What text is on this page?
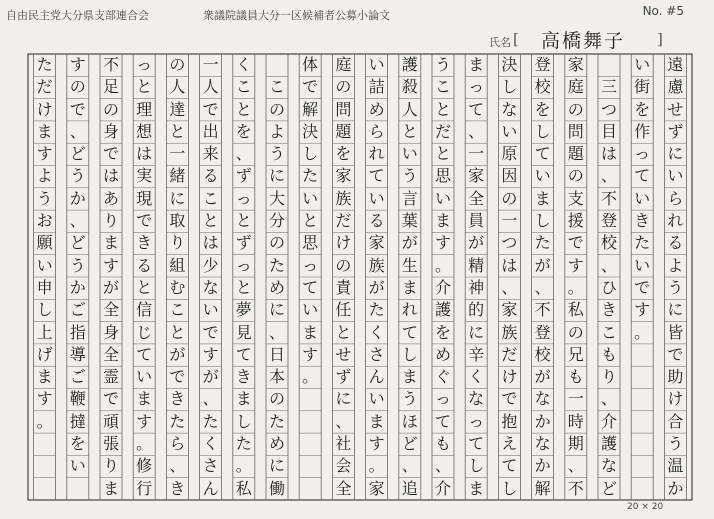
自由民主党大分県支部連合会	衆議院議員大分一区候補者公募 小論文	No. #5
氏名 [ 高橋舞子 ]
遠
慮
せ
ず
に
い
ら
れ
る
よ
う
に
皆
で
助
け
合
う
温
か
い
街
を
作
っ
て
い
き
た
い
で
す
。
三
つ
目
は
、
不
登
校
、
ひ
き
こ
も
り
、
介
護
な
ど
家
庭
の
問
題
の
支
援
で
す
。
私
の
兄
も
一
時
期
、
不
登
校
を
し
て
い
ま
し
た
が
、
不
登
校
が
な
か
な
か
解
決
し
な
い
原
因
の
一
つ
は
、
家
族
だ
け
で
抱
え
て
し
ま
っ
て
、
一
家
全
員
が
精
神
的
に
辛
く
な
っ
て
し
ま
う
こ
と
だ
と
思
い
ま
す
。
介
護
を
め
ぐ
っ
て
も
、
介
護
殺
人
と
い
う
言
葉
が
生
ま
れ
て
し
ま
う
ほ
ど
、
追
い
詰
め
ら
れ
て
い
る
家
族
が
た
く
さ
ん
い
ま
す
。
家
庭
の
問
題
を
家
族
だ
け
の
責
任
と
せ
ず
に
、
社
会
全
体
で
解
決
し
た
い
と
思
っ
て
い
ま
す
。
こ
の
よ
う
に
大
分
の
た
め
に
、
日
本
の
た
め
に
働
く
こ
と
を
、
ず
っ
と
ず
っ
と
夢
見
て
き
ま
し
た
。
私
一
人
で
出
来
る
こ
と
は
少
な
い
で
す
が
、
た
く
さ
ん
の
人
達
と
一
緒
に
取
り
組
む
こ
と
が
で
き
た
ら
、
き
っ
と
理
想
は
実
現
で
き
る
と
信
じ
て
い
ま
す
。
修
行
不
足
の
身
で
は
あ
り
ま
す
が
全
身
全
霊
で
頑
張
り
ま
す
の
で
、
ど
う
か
、
ど
う
か
ご
指
導
ご
鞭
撻
を
い
た
だ
け
ま
す
よ
う
お
願
い
申
し
上
げ
ま
す
。
20 × 20
